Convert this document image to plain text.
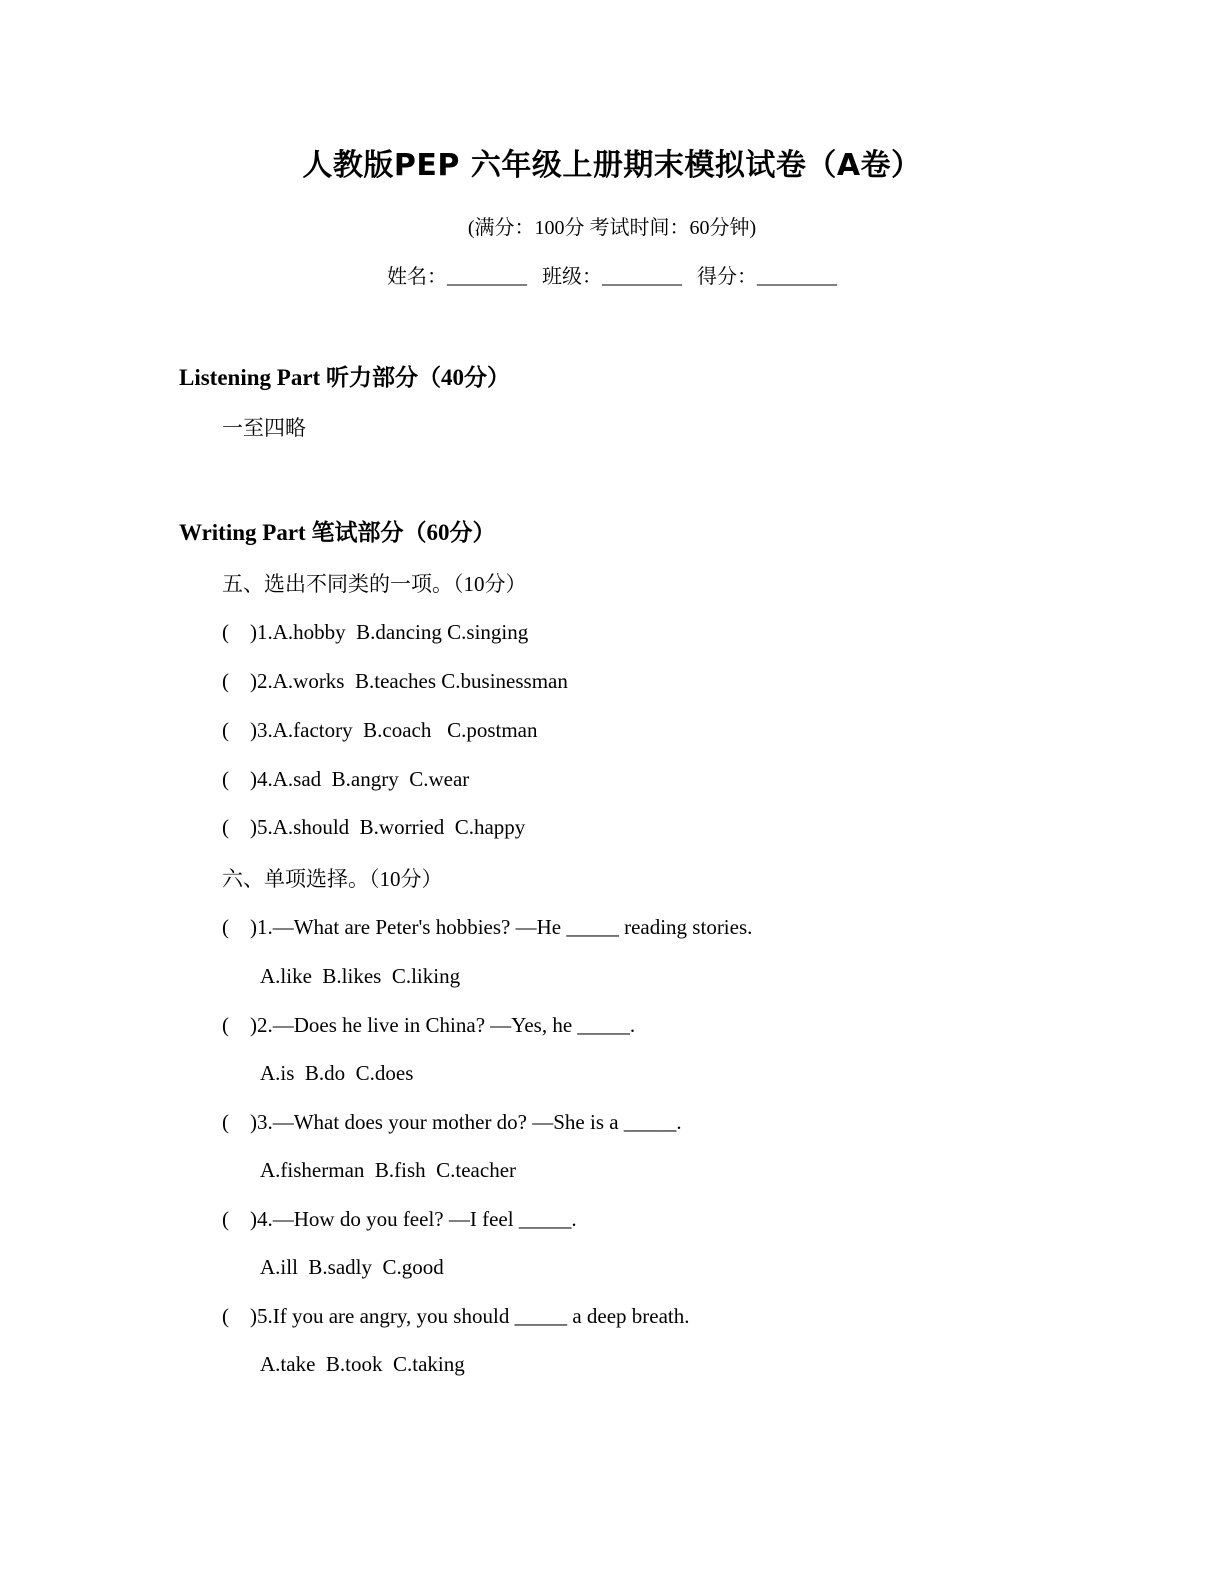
人教版PEP 六年级上册期末模拟试卷（A卷）
(满分：100分 考试时间：60分钟)
姓名：________ 班级：________ 得分：________
Listening Part 听力部分（40分）
一至四略
Writing Part 笔试部分（60分）
五、选出不同类的一项。（10分）
(    )1.A.hobby  B.dancing C.singing
(    )2.A.works  B.teaches C.businessman
(    )3.A.factory  B.coach   C.postman
(    )4.A.sad  B.angry  C.wear
(    )5.A.should  B.worried  C.happy
六、单项选择。（10分）
(    )1.—What are Peter's hobbies? —He _____ reading stories.
A.like  B.likes  C.liking
(    )2.—Does he live in China? —Yes, he _____.
A.is  B.do  C.does
(    )3.—What does your mother do? —She is a _____.
A.fisherman  B.fish  C.teacher
(    )4.—How do you feel? —I feel _____.
A.ill  B.sadly  C.good
(    )5.If you are angry, you should _____ a deep breath.
A.take  B.took  C.taking
